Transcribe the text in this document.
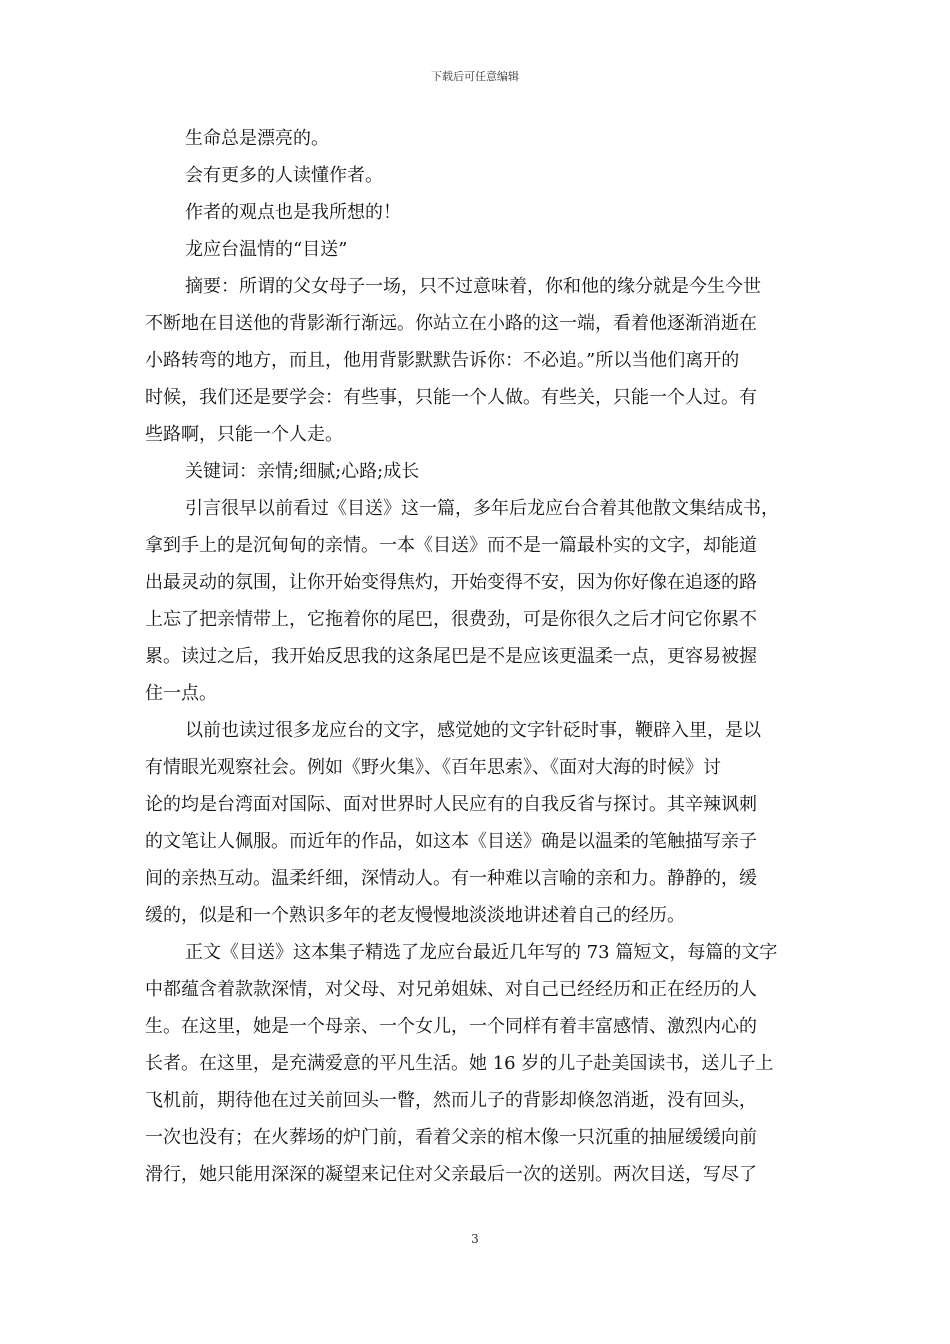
下载后可任意编辑
生命总是漂亮的。
会有更多的人读懂作者。
作者的观点也是我所想的！
龙应台温情的“目送”
摘要：所谓的父女母子一场，只不过意味着，你和他的缘分就是今生今世
不断地在目送他的背影渐行渐远。你站立在小路的这一端，看着他逐渐消逝在
小路转弯的地方，而且，他用背影默默告诉你：不必追。”所以当他们离开的
时候，我们还是要学会：有些事，只能一个人做。有些关，只能一个人过。有
些路啊，只能一个人走。
关键词：亲情;细腻;心路;成长
引言很早以前看过《目送》这一篇，多年后龙应台合着其他散文集结成书，
拿到手上的是沉甸甸的亲情。一本《目送》而不是一篇最朴实的文字，却能道
出最灵动的氛围，让你开始变得焦灼，开始变得不安，因为你好像在追逐的路
上忘了把亲情带上，它拖着你的尾巴，很费劲，可是你很久之后才问它你累不
累。读过之后，我开始反思我的这条尾巴是不是应该更温柔一点，更容易被握
住一点。
以前也读过很多龙应台的文字，感觉她的文字针砭时事，鞭辟入里，是以
有情眼光观察社会。例如《野火集》、《百年思索》、《面对大海的时候》讨
论的均是台湾面对国际、面对世界时人民应有的自我反省与探讨。其辛辣讽刺
的文笔让人佩服。而近年的作品，如这本《目送》确是以温柔的笔触描写亲子
间的亲热互动。温柔纤细，深情动人。有一种难以言喻的亲和力。静静的，缓
缓的，似是和一个熟识多年的老友慢慢地淡淡地讲述着自己的经历。
正文《目送》这本集子精选了龙应台最近几年写的 73 篇短文，每篇的文字
中都蕴含着款款深情，对父母、对兄弟姐妹、对自己已经经历和正在经历的人
生。在这里，她是一个母亲、一个女儿，一个同样有着丰富感情、激烈内心的
长者。在这里，是充满爱意的平凡生活。她 16 岁的儿子赴美国读书，送儿子上
飞机前，期待他在过关前回头一瞥，然而儿子的背影却倏忽消逝，没有回头，
一次也没有；在火葬场的炉门前，看着父亲的棺木像一只沉重的抽屉缓缓向前
滑行，她只能用深深的凝望来记住对父亲最后一次的送别。两次目送，写尽了
3
